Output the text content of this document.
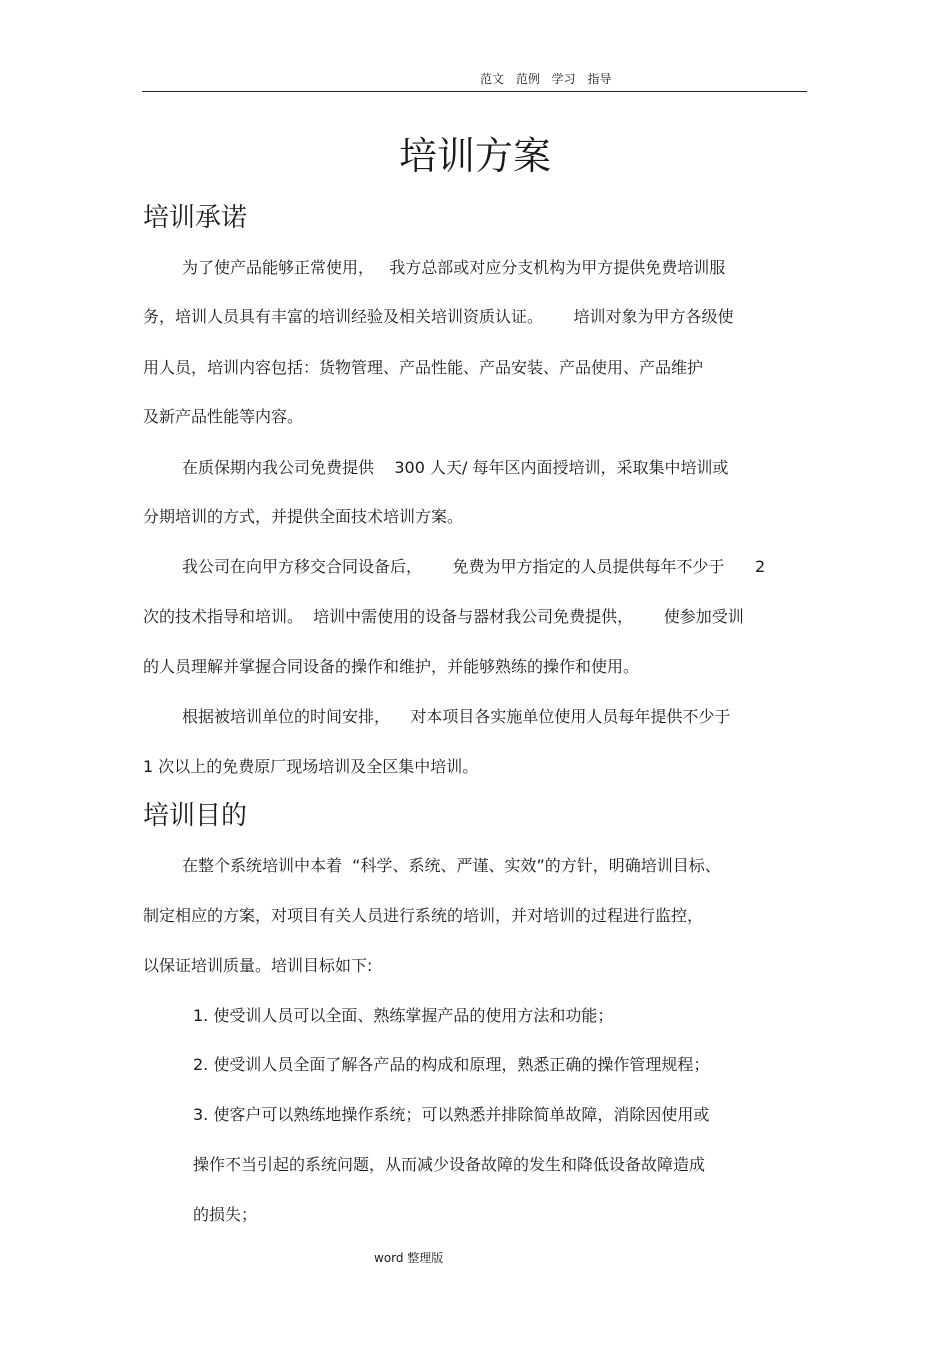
范文 范例 学习 指导
培训方案
培训承诺
为了使产品能够正常使用，   我方总部或对应分支机构为甲方提供免费培训服
务，培训人员具有丰富的培训经验及相关培训资质认证。      培训对象为甲方各级使
用人员，培训内容包括：货物管理、产品性能、产品安装、产品使用、产品维护
及新产品性能等内容。
在质保期内我公司免费提供    300 人天/ 每年区内面授培训，采取集中培训或
分期培训的方式，并提供全面技术培训方案。
我公司在向甲方移交合同设备后，      免费为甲方指定的人员提供每年不少于      2
次的技术指导和培训。  培训中需使用的设备与器材我公司免费提供，      使参加受训
的人员理解并掌握合同设备的操作和维护，并能够熟练的操作和使用。
根据被培训单位的时间安排，    对本项目各实施单位使用人员每年提供不少于
1 次以上的免费原厂现场培训及全区集中培训。
培训目的
在整个系统培训中本着  “科学、系统、严谨、实效”的方针，明确培训目标、
制定相应的方案，对项目有关人员进行系统的培训，并对培训的过程进行监控，
以保证培训质量。培训目标如下:
1. 使受训人员可以全面、熟练掌握产品的使用方法和功能；
2. 使受训人员全面了解各产品的构成和原理，熟悉正确的操作管理规程；
3. 使客户可以熟练地操作系统；可以熟悉并排除简单故障，消除因使用或
操作不当引起的系统问题，从而减少设备故障的发生和降低设备故障造成
的损失；
word 整理版
